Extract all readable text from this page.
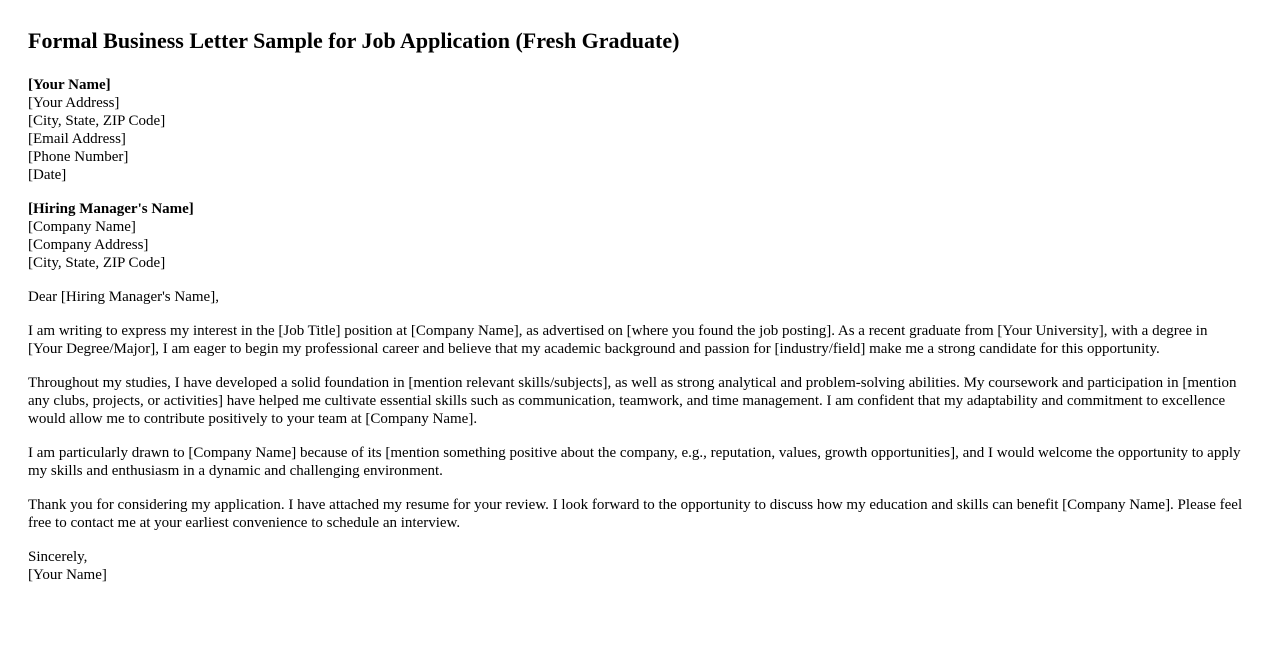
Formal Business Letter Sample for Job Application (Fresh Graduate)
[Your Name]
[Your Address]
[City, State, ZIP Code]
[Email Address]
[Phone Number]
[Date]
[Hiring Manager's Name]
[Company Name]
[Company Address]
[City, State, ZIP Code]

Dear [Hiring Manager's Name],

I am writing to express my interest in the [Job Title] position at [Company Name], as advertised on [where you found the job posting]. As a recent graduate from [Your University], with a degree in [Your Degree/Major], I am eager to begin my professional career and believe that my academic background and passion for [industry/field] make me a strong candidate for this opportunity.

Throughout my studies, I have developed a solid foundation in [mention relevant skills/subjects], as well as strong analytical and problem-solving abilities. My coursework and participation in [mention any clubs, projects, or activities] have helped me cultivate essential skills such as communication, teamwork, and time management. I am confident that my adaptability and commitment to excellence would allow me to contribute positively to your team at [Company Name].

I am particularly drawn to [Company Name] because of its [mention something positive about the company, e.g., reputation, values, growth opportunities], and I would welcome the opportunity to apply my skills and enthusiasm in a dynamic and challenging environment.

Thank you for considering my application. I have attached my resume for your review. I look forward to the opportunity to discuss how my education and skills can benefit [Company Name]. Please feel free to contact me at your earliest convenience to schedule an interview.

Sincerely,
[Your Name]
